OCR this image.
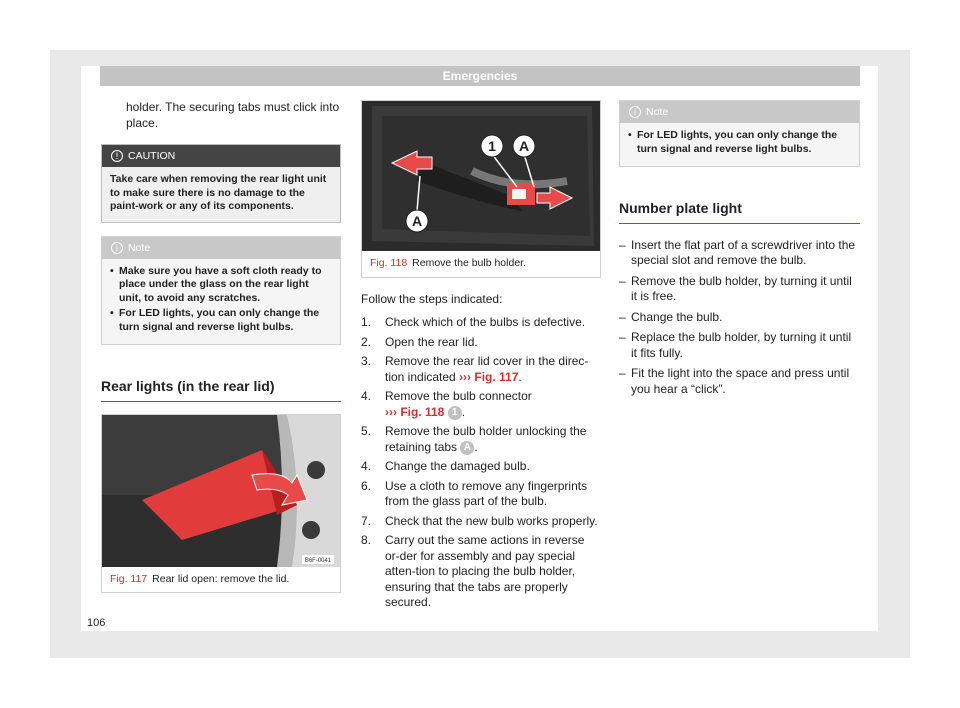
Emergencies

holder. The securing tabs must click into place.

! CAUTION
Take care when removing the rear light unit to make sure there is no damage to the paint-work or any of its components.
i Note
• Make sure you have a soft cloth ready to place under the glass on the rear light unit, to avoid any scratches.
• For LED lights, you can only change the turn signal and reverse light bulbs.
Rear lights (in the rear lid)
B6F-0041
Fig. 117 Rear lid open: remove the lid.
1 A
A
Fig. 118 Remove the bulb holder.

Follow the steps indicated:

1. Check which of the bulbs is defective.
2. Open the rear lid.
3. Remove the rear lid cover in the direc-tion indicated ››› Fig. 117.
4. Remove the bulb connector
››› Fig. 118 1 .
5. Remove the bulb holder unlocking the retaining tabs A .
4. Change the damaged bulb.
6. Use a cloth to remove any fingerprints from the glass part of the bulb.
7. Check that the new bulb works properly.
8. Carry out the same actions in reverse or-der for assembly and pay special atten-tion to placing the bulb holder, ensuring that the tabs are properly secured.
i Note
• For LED lights, you can only change the turn signal and reverse light bulbs.
Number plate light
– Insert the flat part of a screwdriver into the special slot and remove the bulb.
– Remove the bulb holder, by turning it until it is free.
– Change the bulb.
– Replace the bulb holder, by turning it until it fits fully.
– Fit the light into the space and press until you hear a “click”.
106
